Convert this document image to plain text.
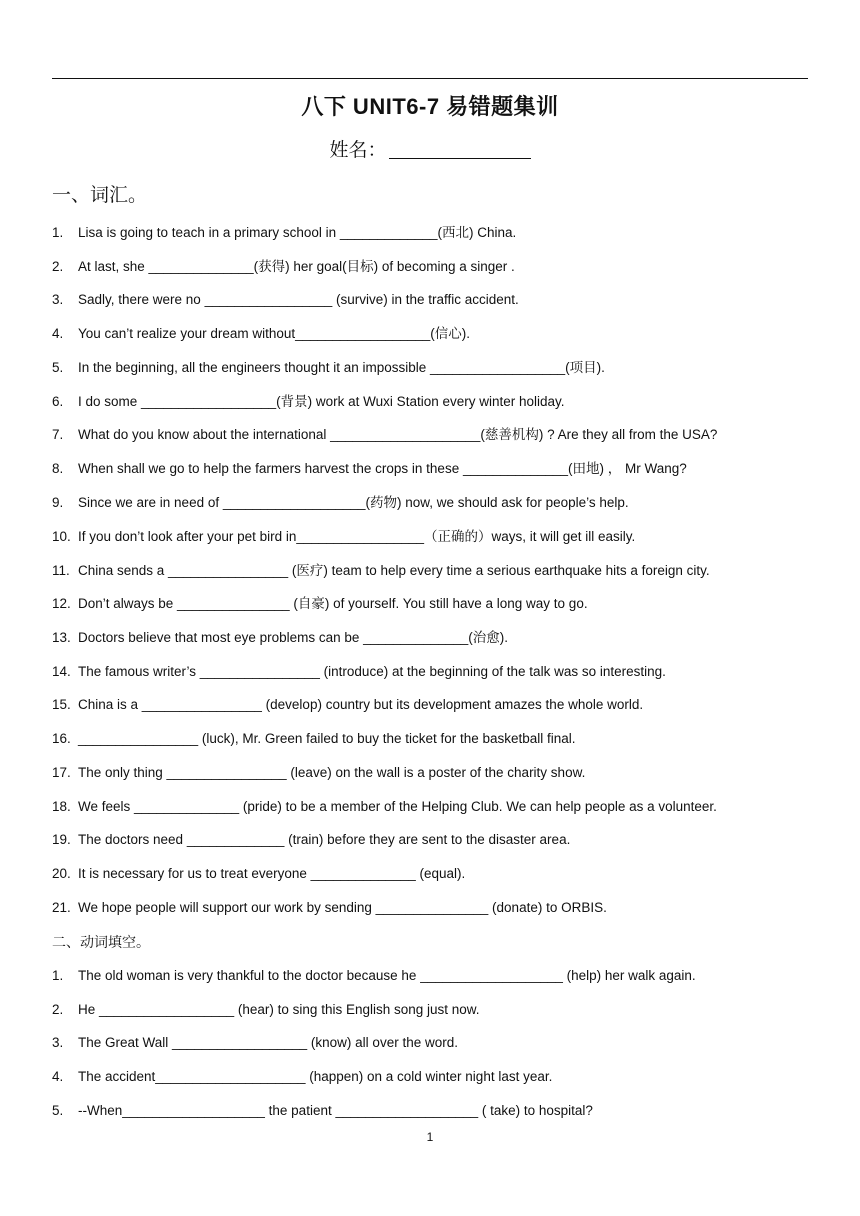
八下 UNIT6-7 易错题集训
姓名：
一、词汇。
1. Lisa is going to teach in a primary school in _____________(西北) China.
2. At last, she ______________(获得) her goal(目标) of becoming a singer .
3. Sadly, there were no _________________ (survive) in the traffic accident.
4. You can’t realize your dream without__________________(信心).
5. In the beginning, all the engineers thought it an impossible __________________(项目).
6. I do some __________________(背景) work at Wuxi Station every winter holiday.
7. What do you know about the international ____________________(慈善机构) ? Are they all from the USA?
8. When shall we go to help the farmers harvest the crops in these ______________(田地) ， Mr Wang?
9. Since we are in need of ___________________(药物) now, we should ask for people’s help.
10. If you don’t look after your pet bird in_________________（正确的）ways, it will get ill easily.
11. China sends a ________________ (医疗) team to help every time a serious earthquake hits a foreign city.
12. Don’t always be _______________ (自豪) of yourself. You still have a long way to go.
13. Doctors believe that most eye problems can be ______________(治愈).
14. The famous writer’s ________________ (introduce) at the beginning of the talk was so interesting.
15. China is a ________________ (develop) country but its development amazes the whole world.
16. ________________ (luck), Mr. Green failed to buy the ticket for the basketball final.
17. The only thing ________________ (leave) on the wall is a poster of the charity show.
18. We feels ______________ (pride) to be a member of the Helping Club. We can help people as a volunteer.
19. The doctors need _____________ (train) before they are sent to the disaster area.
20. It is necessary for us to treat everyone ______________ (equal).
21. We hope people will support our work by sending _______________ (donate) to ORBIS.
二、动词填空。
1. The old woman is very thankful to the doctor because he ___________________ (help) her walk again.
2. He __________________ (hear) to sing this English song just now.
3. The Great Wall __________________ (know) all over the word.
4. The accident____________________ (happen) on a cold winter night last year.
5. --When___________________ the patient ___________________ ( take) to hospital?
1
